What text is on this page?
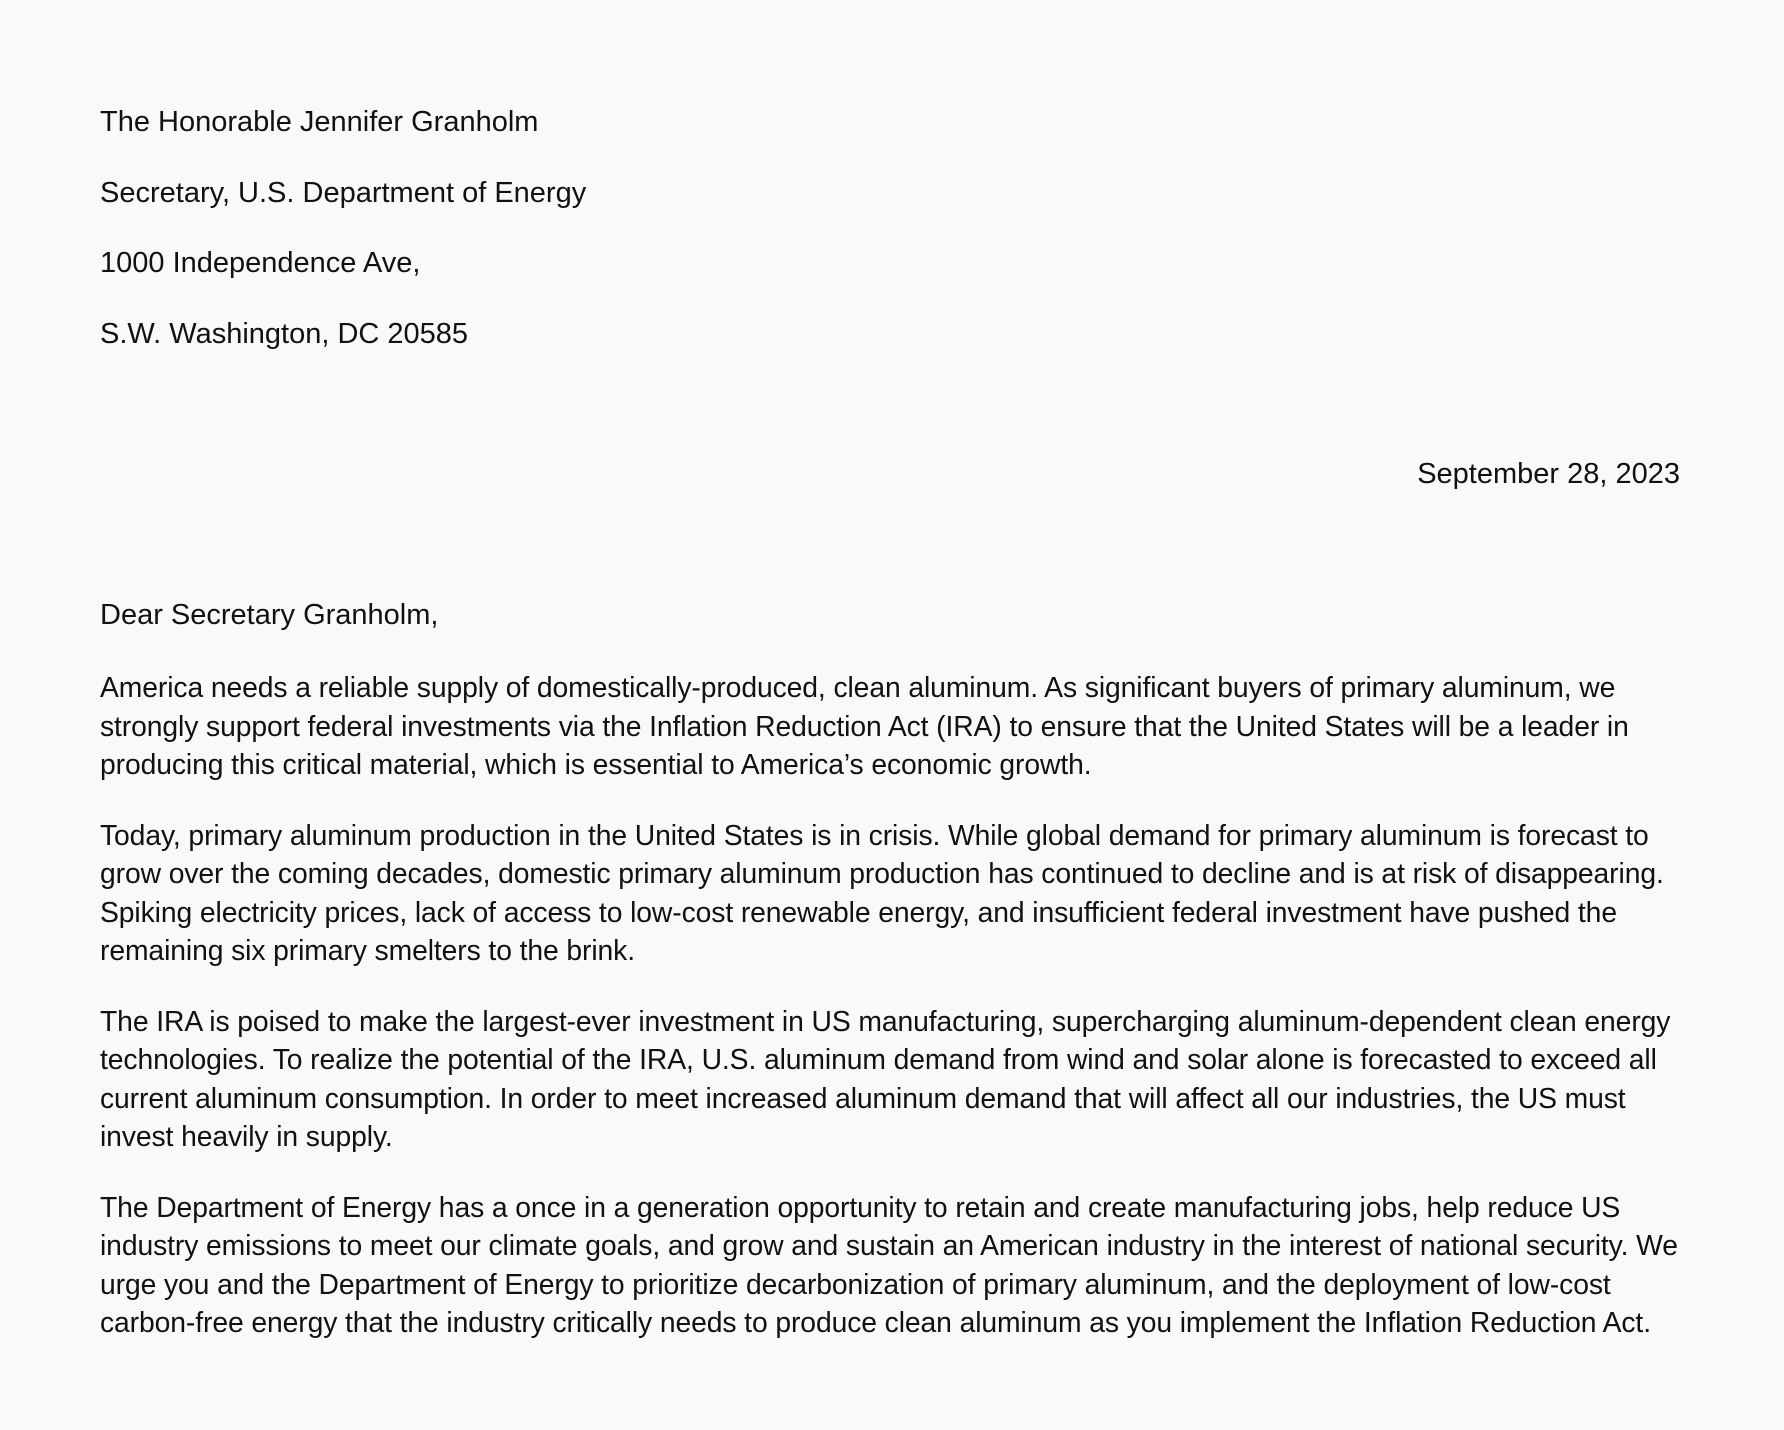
The Honorable Jennifer Granholm
Secretary, U.S. Department of Energy
1000 Independence Ave,
S.W. Washington, DC 20585
September 28, 2023
Dear Secretary Granholm,

America needs a reliable supply of domestically-produced, clean aluminum. As significant buyers of primary aluminum, we strongly support federal investments via the Inflation Reduction Act (IRA) to ensure that the United States will be a leader in producing this critical material, which is essential to America’s economic growth.

Today, primary aluminum production in the United States is in crisis. While global demand for primary aluminum is forecast to grow over the coming decades, domestic primary aluminum production has continued to decline and is at risk of disappearing. Spiking electricity prices, lack of access to low-cost renewable energy, and insufficient federal investment have pushed the remaining six primary smelters to the brink.

The IRA is poised to make the largest-ever investment in US manufacturing, supercharging aluminum-dependent clean energy technologies. To realize the potential of the IRA, U.S. aluminum demand from wind and solar alone is forecasted to exceed all current aluminum consumption. In order to meet increased aluminum demand that will affect all our industries, the US must invest heavily in supply.

The Department of Energy has a once in a generation opportunity to retain and create manufacturing jobs, help reduce US industry emissions to meet our climate goals, and grow and sustain an American industry in the interest of national security. We urge you and the Department of Energy to prioritize decarbonization of primary aluminum, and the deployment of low-cost carbon-free energy that the industry critically needs to produce clean aluminum as you implement the Inflation Reduction Act.
